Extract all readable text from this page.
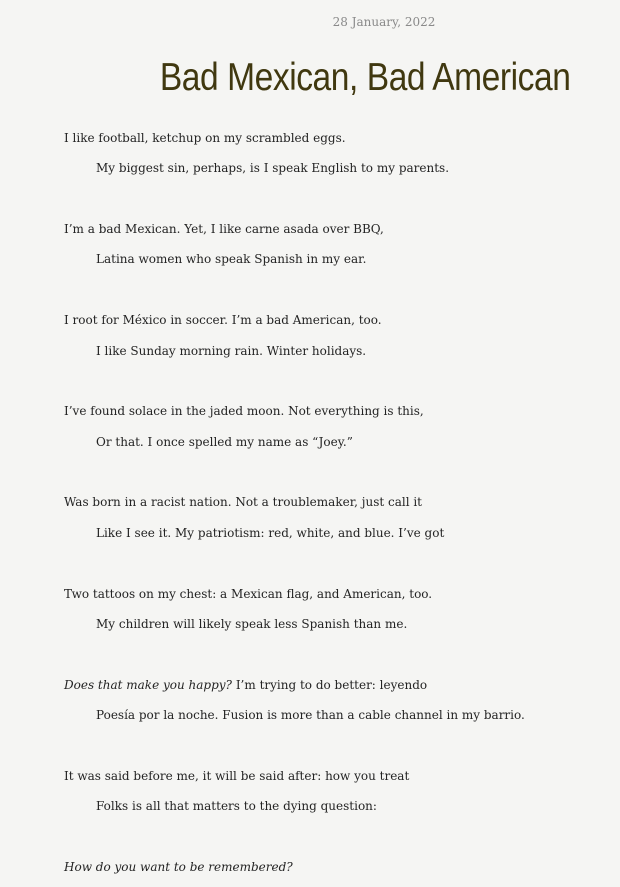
28 January, 2022
Bad Mexican, Bad American
I like football, ketchup on my scrambled eggs.
My biggest sin, perhaps, is I speak English to my parents.
I’m a bad Mexican. Yet, I like carne asada over BBQ,
Latina women who speak Spanish in my ear.
I root for México in soccer. I’m a bad American, too.
I like Sunday morning rain. Winter holidays.
I’ve found solace in the jaded moon. Not everything is this,
Or that. I once spelled my name as “Joey.”
Was born in a racist nation. Not a troublemaker, just call it
Like I see it. My patriotism: red, white, and blue. I’ve got
Two tattoos on my chest: a Mexican flag, and American, too.
My children will likely speak less Spanish than me.
Does that make you happy? I’m trying to do better: leyendo
Poesía por la noche. Fusion is more than a cable channel in my barrio.
It was said before me, it will be said after: how you treat
Folks is all that matters to the dying question:
How do you want to be remembered?
